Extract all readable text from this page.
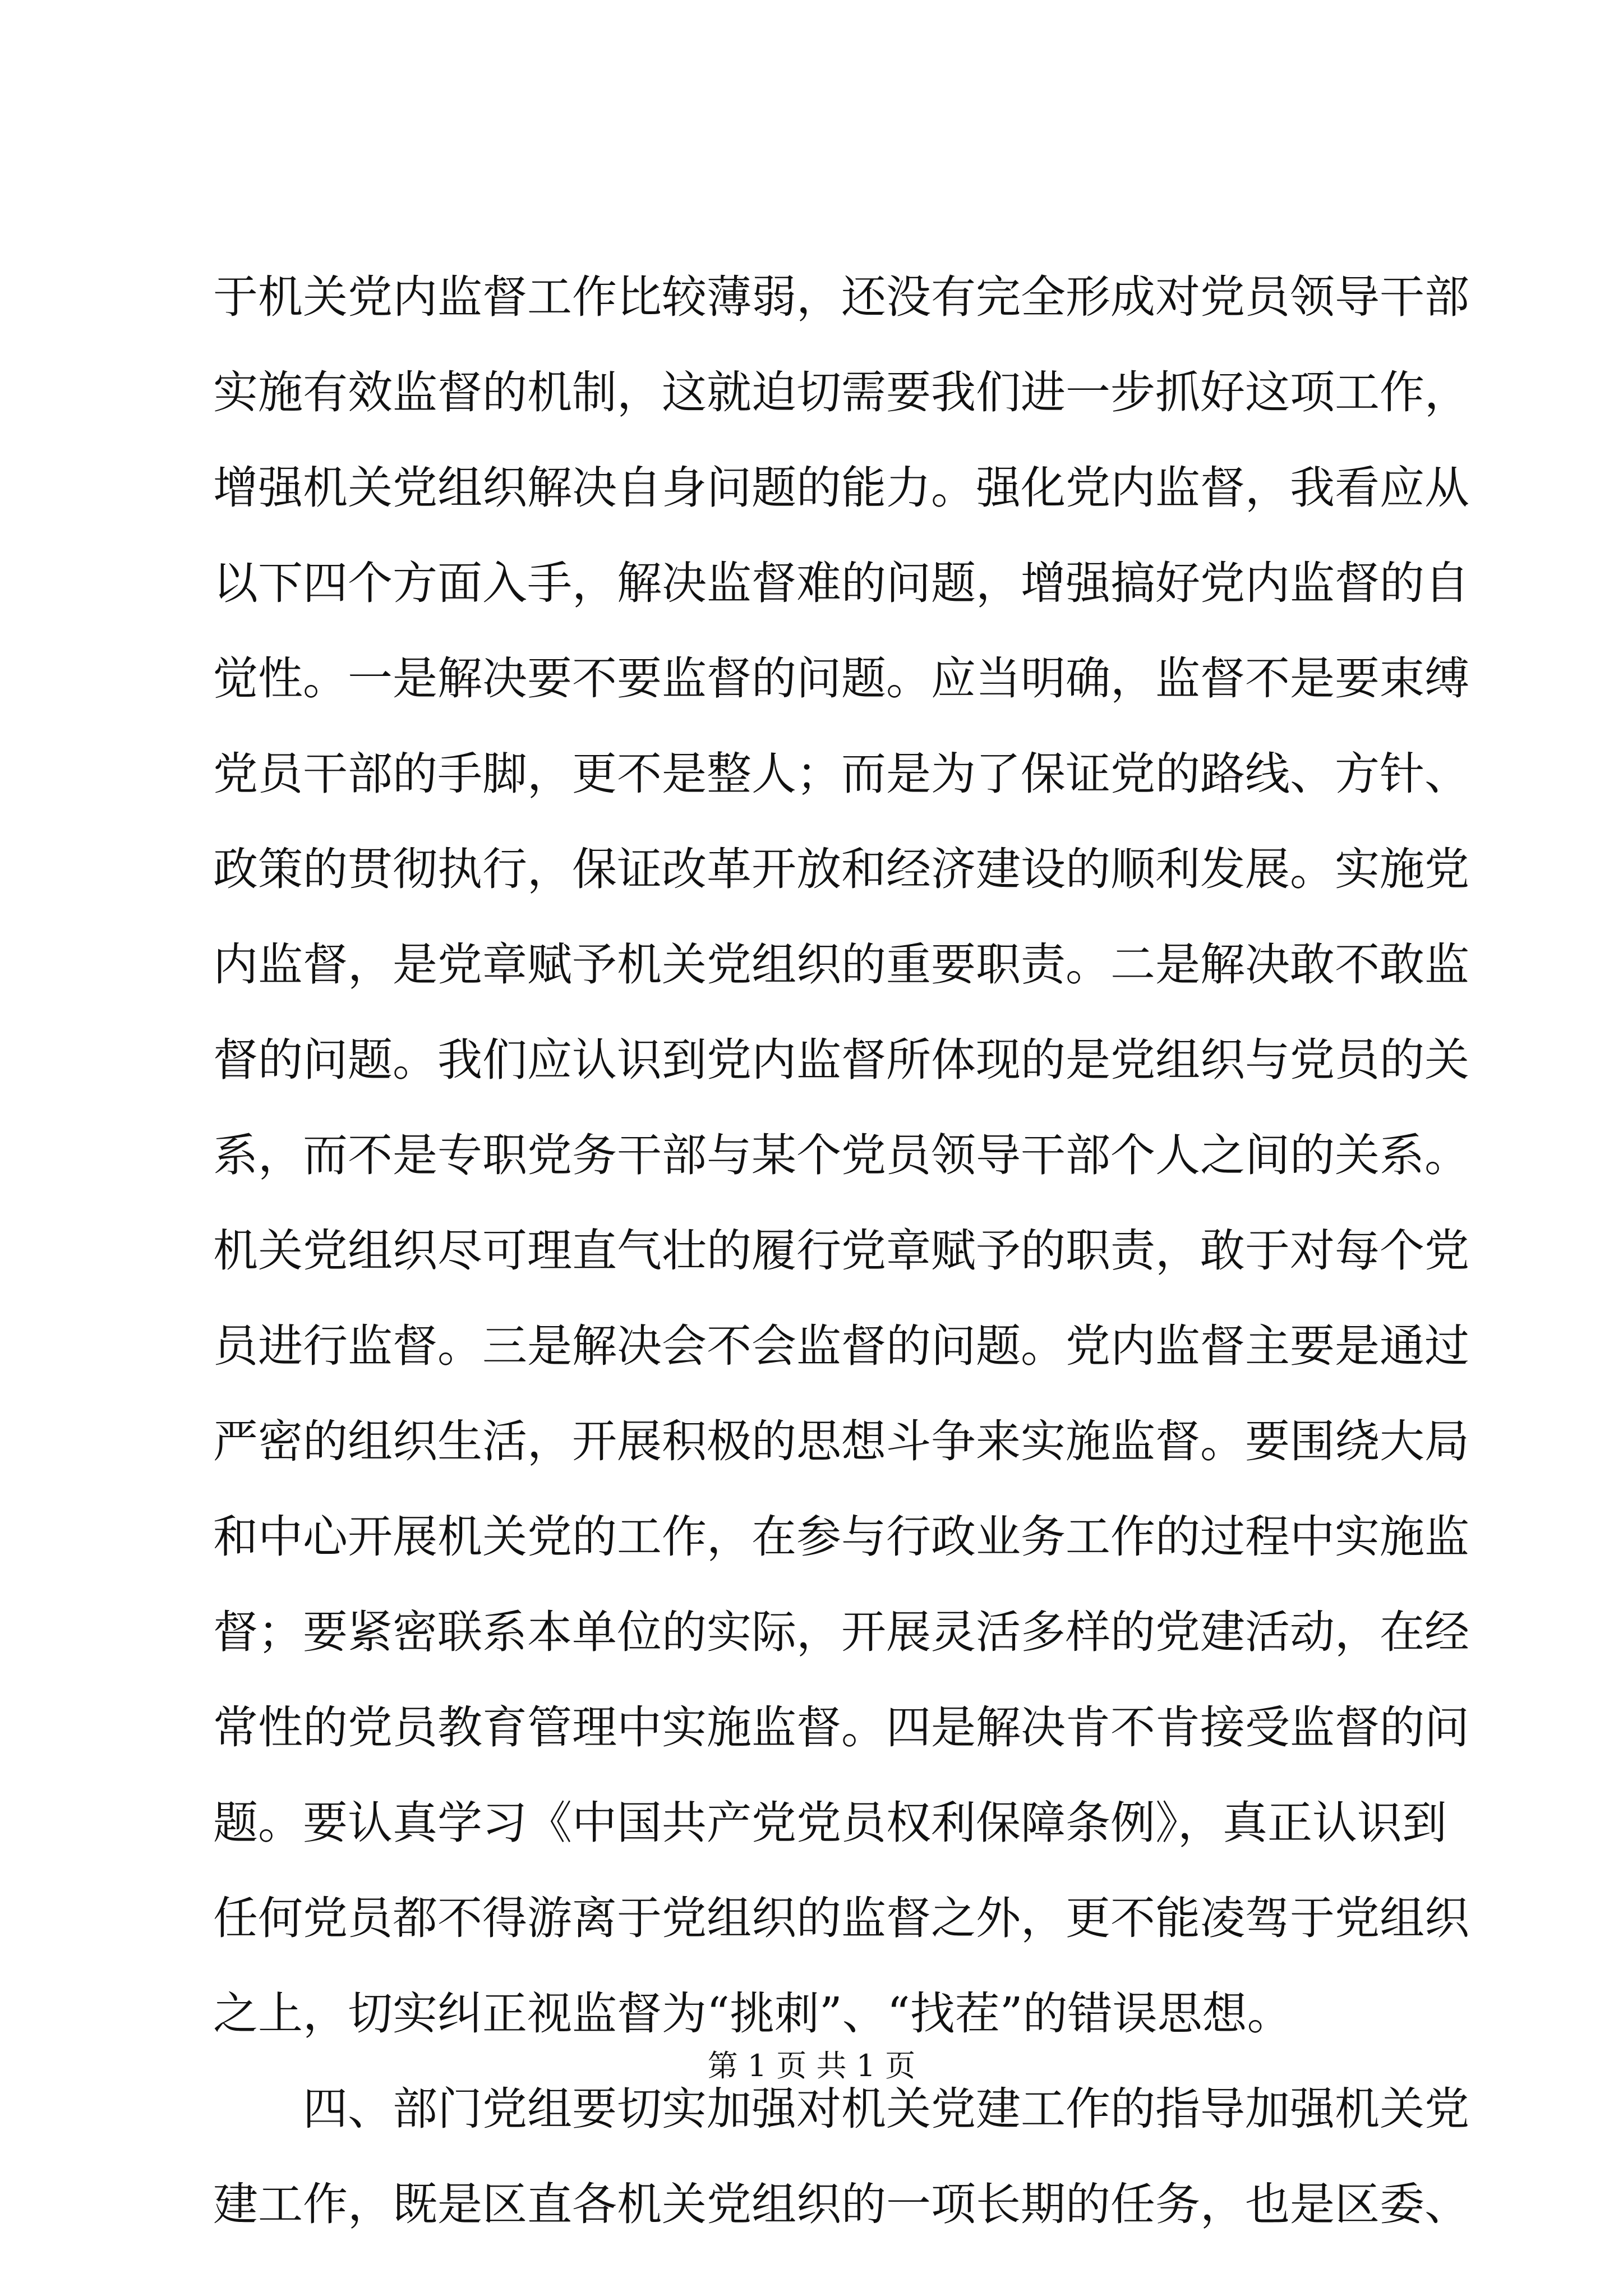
于机关党内监督工作比较薄弱，还没有完全形成对党员领导干部
实施有效监督的机制，这就迫切需要我们进一步抓好这项工作，
增强机关党组织解决自身问题的能力。强化党内监督，我看应从
以下四个方面入手，解决监督难的问题，增强搞好党内监督的自
觉性。一是解决要不要监督的问题。应当明确，监督不是要束缚
党员干部的手脚，更不是整人；而是为了保证党的路线、方针、
政策的贯彻执行，保证改革开放和经济建设的顺利发展。实施党
内监督，是党章赋予机关党组织的重要职责。二是解决敢不敢监
督的问题。我们应认识到党内监督所体现的是党组织与党员的关
系，而不是专职党务干部与某个党员领导干部个人之间的关系。
机关党组织尽可理直气壮的履行党章赋予的职责，敢于对每个党
员进行监督。三是解决会不会监督的问题。党内监督主要是通过
严密的组织生活，开展积极的思想斗争来实施监督。要围绕大局
和中心开展机关党的工作，在参与行政业务工作的过程中实施监
督；要紧密联系本单位的实际，开展灵活多样的党建活动，在经
常性的党员教育管理中实施监督。四是解决肯不肯接受监督的问
题。要认真学习《中国共产党党员权利保障条例》，真正认识到
任何党员都不得游离于党组织的监督之外，更不能凌驾于党组织
之上，切实纠正视监督为“挑刺”、“找茬”的错误思想。
四、部门党组要切实加强对机关党建工作的指导加强机关党
建工作，既是区直各机关党组织的一项长期的任务，也是区委、
第 1 页 共 1 页
